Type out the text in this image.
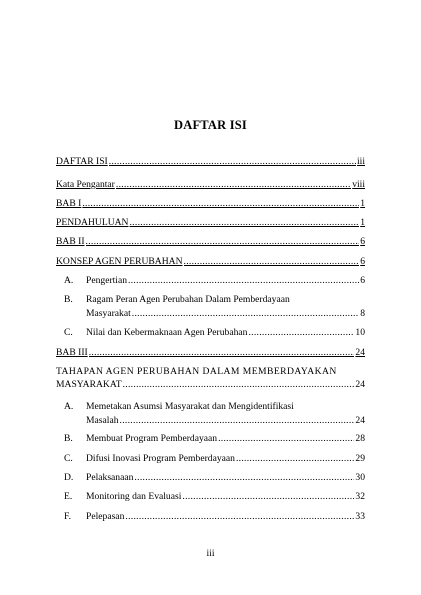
DAFTAR ISI
DAFTAR ISI .....	iii
Kata Pengantar .....	viii
BAB I .....	1
PENDAHULUAN .....	1
BAB II .....	6
KONSEP AGEN PERUBAHAN .....	6
A.	Pengertian .....	6
B.	Ragam Peran Agen Perubahan Dalam Pemberdayaan
Masyarakat .....	8
C.	Nilai dan Kebermaknaan Agen Perubahan .....	10
BAB III .....	24
TAHAPAN AGEN PERUBAHAN DALAM MEMBERDAYAKAN
MASYARAKAT .....	24
A.	Memetakan Asumsi Masyarakat dan Mengidentifikasi
Masalah .....	24
B.	Membuat Program Pemberdayaan .....	28
C.	Difusi Inovasi Program Pemberdayaan .....	29
D.	Pelaksanaan .....	30
E.	Monitoring dan Evaluasi .....	32
F.	Pelepasan .....	33
iii
